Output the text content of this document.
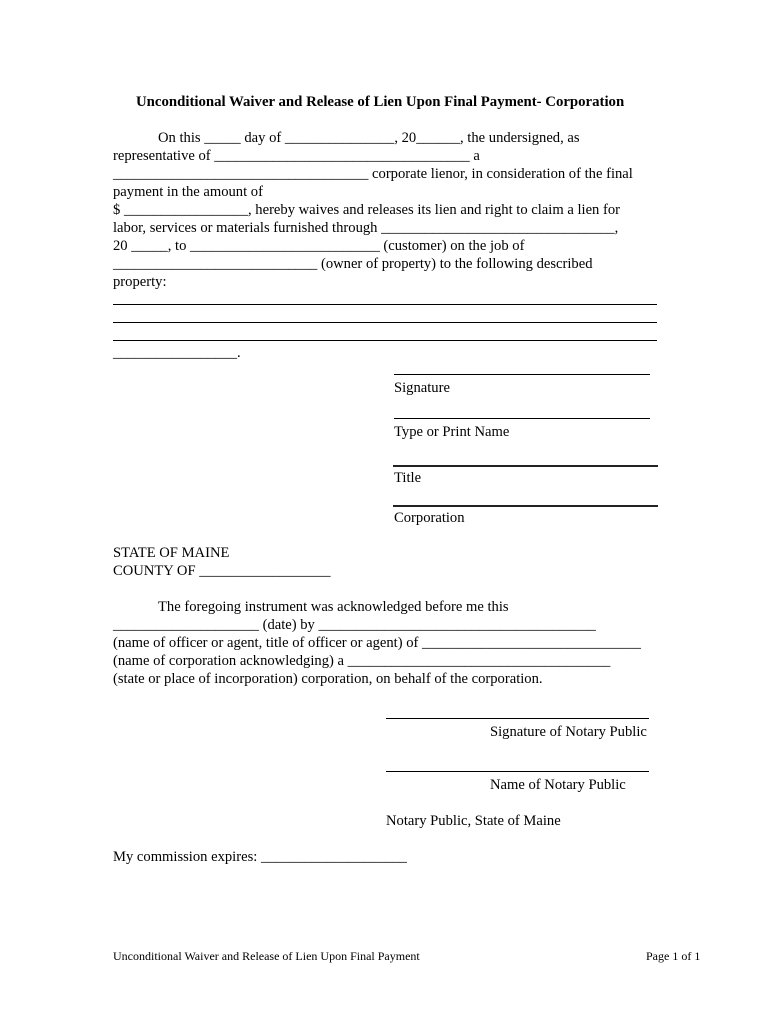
Unconditional Waiver and Release of Lien Upon Final Payment- Corporation
On this _____ day of _______________, 20______, the undersigned, as
representative of ___________________________________ a
___________________________________ corporate lienor, in consideration of the final
payment in the amount of
$ _________________, hereby waives and releases its lien and right to claim a lien for
labor, services or materials furnished through ________________________________,
20 _____, to __________________________ (customer) on the job of
____________________________ (owner of property) to the following described
property:
_________________.
Signature
Type or Print Name
Title
Corporation
STATE OF MAINE
COUNTY OF __________________
The foregoing instrument was acknowledged before me this
____________________ (date) by ______________________________________
(name of officer or agent, title of officer or agent) of ______________________________
(name of corporation acknowledging) a ____________________________________
(state or place of incorporation) corporation, on behalf of the corporation.
Signature of Notary Public
Name of Notary Public
Notary Public, State of Maine
My commission expires: ____________________
Unconditional Waiver and Release of Lien Upon Final Payment	Page 1 of 1
